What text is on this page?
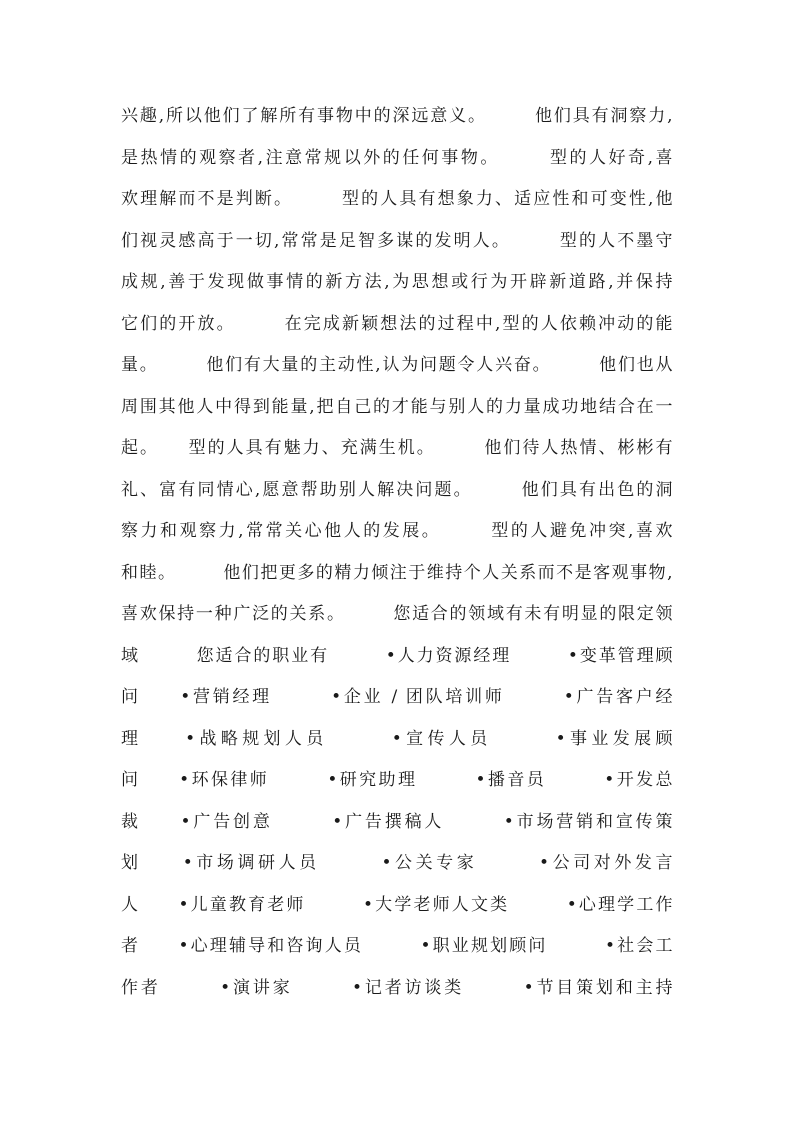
兴趣,所以他们了解所有事物中的深远意义。　　　他们具有洞察力,
是热情的观察者,注意常规以外的任何事物。　　　型的人好奇,喜
欢理解而不是判断。　　　型的人具有想象力、适应性和可变性,他
们视灵感高于一切,常常是足智多谋的发明人。　　　型的人不墨守
成规,善于发现做事情的新方法,为思想或行为开辟新道路,并保持
它们的开放。　　　在完成新颖想法的过程中,型的人依赖冲动的能
量。　　　他们有大量的主动性,认为问题令人兴奋。　　　他们也从
周围其他人中得到能量,把自己的才能与别人的力量成功地结合在一
起。　　型的人具有魅力、充满生机。　　　他们待人热情、彬彬有
礼、富有同情心,愿意帮助别人解决问题。　　　他们具有出色的洞
察力和观察力,常常关心他人的发展。　　　型的人避免冲突,喜欢
和睦。　　　他们把更多的精力倾注于维持个人关系而不是客观事物,
喜欢保持一种广泛的关系。　　　您适合的领域有未有明显的限定领
域　　　您适合的职业有　　　•人力资源经理　　　•变革管理顾
问　　•营销经理　　　•企业 / 团队培训师　　　•广告客户经
理　　•战略规划人员　　　•宣传人员　　　•事业发展顾
问　　•环保律师　　　•研究助理　　　•播音员　　　•开发总
裁　　•广告创意　　　•广告撰稿人　　　•市场营销和宣传策
划　　•市场调研人员　　　•公关专家　　　•公司对外发言
人　　•儿童教育老师　　　•大学老师人文类　　　•心理学工作
者　　•心理辅导和咨询人员　　　•职业规划顾问　　　•社会工
作者　　　•演讲家　　　•记者访谈类　　　•节目策划和主持
